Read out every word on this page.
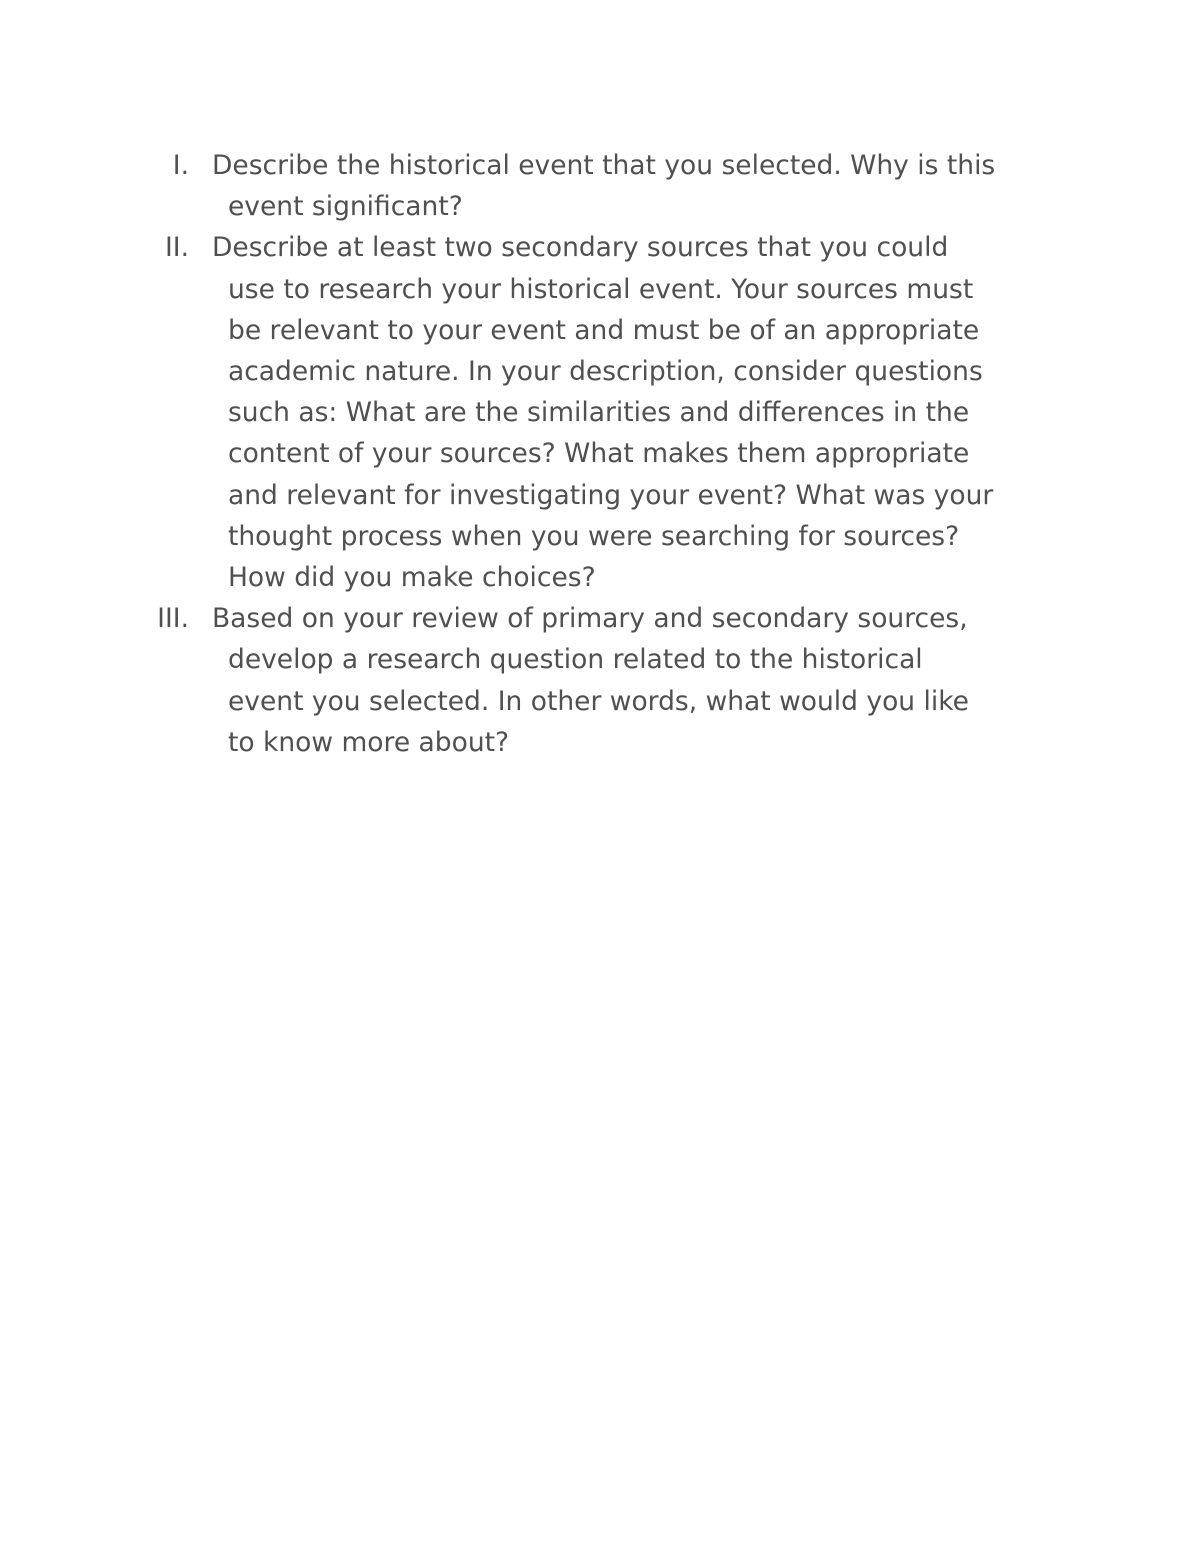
I. Describe the historical event that you selected. Why is this
event significant?
II. Describe at least two secondary sources that you could
use to research your historical event. Your sources must
be relevant to your event and must be of an appropriate
academic nature. In your description, consider questions
such as: What are the similarities and differences in the
content of your sources? What makes them appropriate
and relevant for investigating your event? What was your
thought process when you were searching for sources?
How did you make choices?
III. Based on your review of primary and secondary sources,
develop a research question related to the historical
event you selected. In other words, what would you like
to know more about?
